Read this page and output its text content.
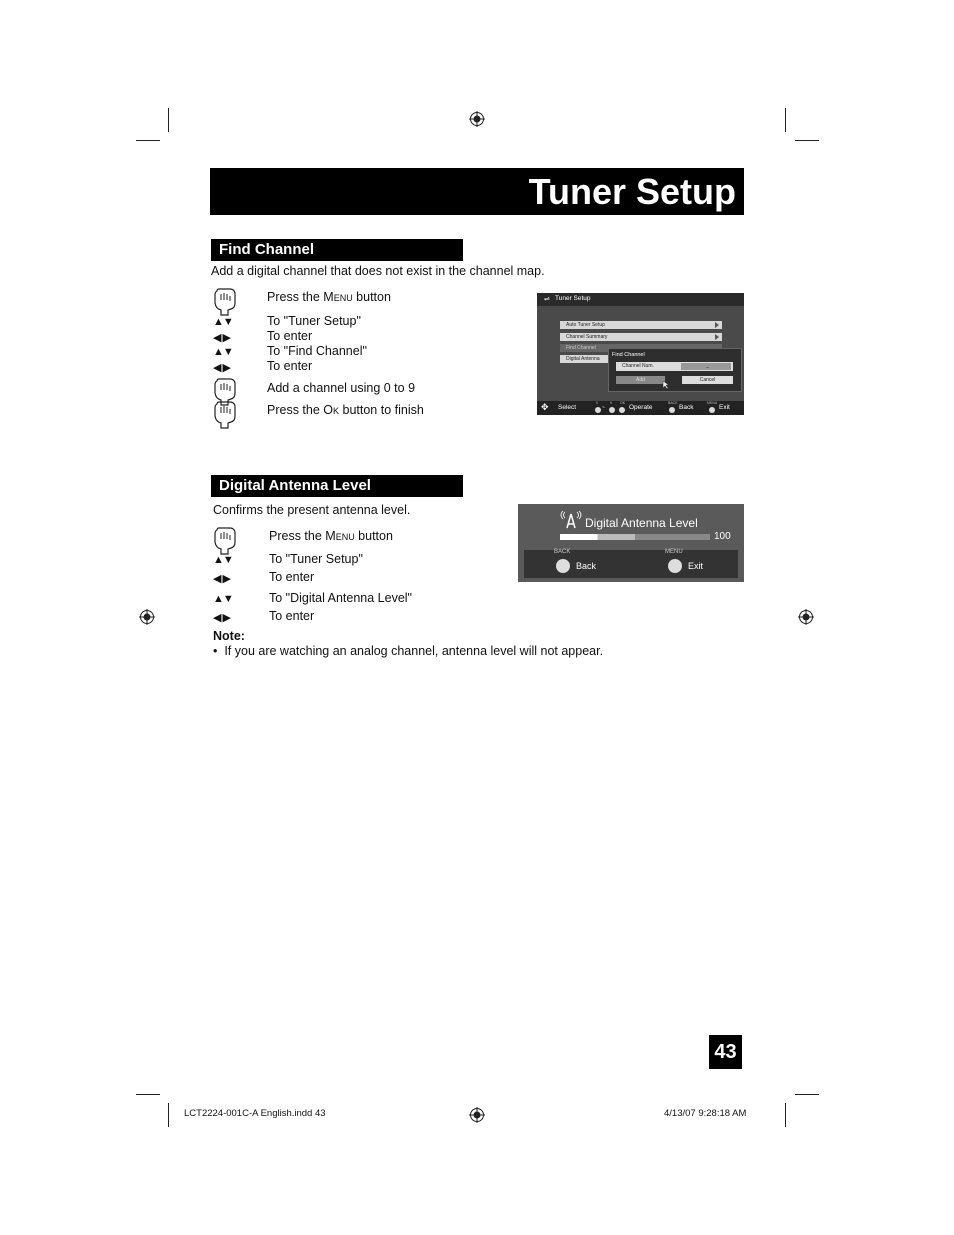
Tuner Setup
Find Channel
Add a digital channel that does not exist in the channel map.
Press the Menu button
▲▼	To "Tuner Setup"
◀ ▶	To enter
▲▼	To "Find Channel"
◀ ▶	To enter
Add a channel using 0 to 9
Press the Ok button to finish
⇌ Tuner Setup
Auto Tuner Setup
Channel Summary
Find Channel
Digital Antenna
Find Channel
Channel Num.	_
Add	Cancel
✥ Select
0	9 OK
~	Operate
BACK
Back
MENU
Exit
Digital Antenna Level
Confirms the present antenna level.
Press the Menu button
▲▼	To "Tuner Setup"
◀ ▶	To enter
▲▼	To "Digital Antenna Level"
◀ ▶	To enter
Digital Antenna Level
100
BACK
Back
MENU
Exit
Note:
•  If you are watching an analog channel, antenna level will not appear.
43
LCT2224-001C-A English.indd 43	4/13/07 9:28:18 AM
